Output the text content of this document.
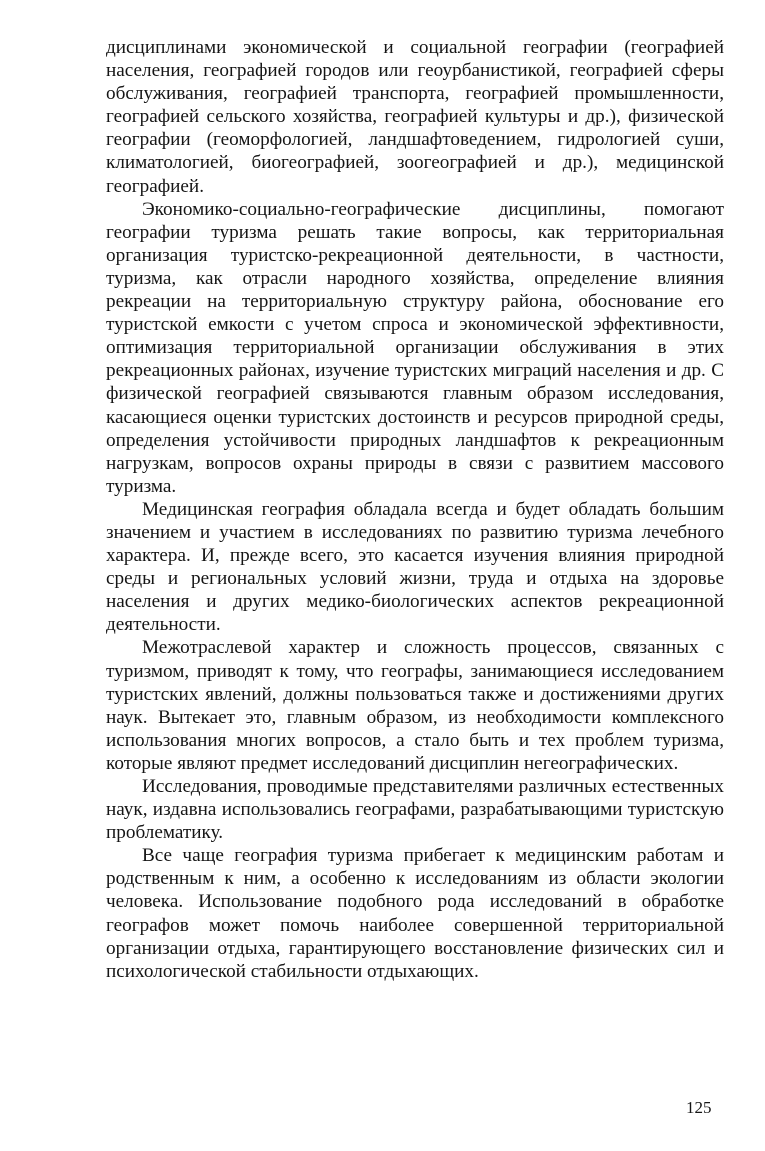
дисциплинами экономической и социальной географии (географией населения, географией городов или геоурбанистикой, географией сферы обслуживания, географией транспорта, географией промышленности, географией сельского хозяйства, географией культуры и др.), физической географии (геоморфологией, ландшафтоведением, гидрологией суши, климатологией, биогеографией, зоогеографией и др.), медицинской географией.

Экономико-социально-географические дисциплины, помогают географии туризма решать такие вопросы, как территориальная организация туристско-рекреационной деятельности, в частности, туризма, как отрасли народного хозяйства, определение влияния рекреации на территориальную структуру района, обоснование его туристской емкости с учетом спроса и экономической эффективности, оптимизация территориальной организации обслуживания в этих рекреационных районах, изучение туристских миграций населения и др. С физической географией связываются главным образом исследования, касающиеся оценки туристских достоинств и ресурсов природной среды, определения устойчивости природных ландшафтов к рекреационным нагрузкам, вопросов охраны природы в связи с развитием массового туризма.

Медицинская география обладала всегда и будет обладать большим значением и участием в исследованиях по развитию туризма лечебного характера. И, прежде всего, это касается изучения влияния природной среды и региональных условий жизни, труда и отдыха на здоровье населения и других медико-биологических аспектов рекреационной деятельности.

Межотраслевой характер и сложность процессов, связанных с туризмом, приводят к тому, что географы, занимающиеся исследованием туристских явлений, должны пользоваться также и достижениями других наук. Вытекает это, главным образом, из необходимости комплексного использования многих вопросов, а стало быть и тех проблем туризма, которые являют предмет исследований дисциплин негеографических.

Исследования, проводимые представителями различных естественных наук, издавна использовались географами, разрабатывающими туристскую проблематику.

Все чаще география туризма прибегает к медицинским работам и родственным к ним, а особенно к исследованиям из области экологии человека. Использование подобного рода исследований в обработке географов может помочь наиболее совершенной территориальной организации отдыха, гарантирующего восстановление физических сил и психологической стабильности отдыхающих.

125
